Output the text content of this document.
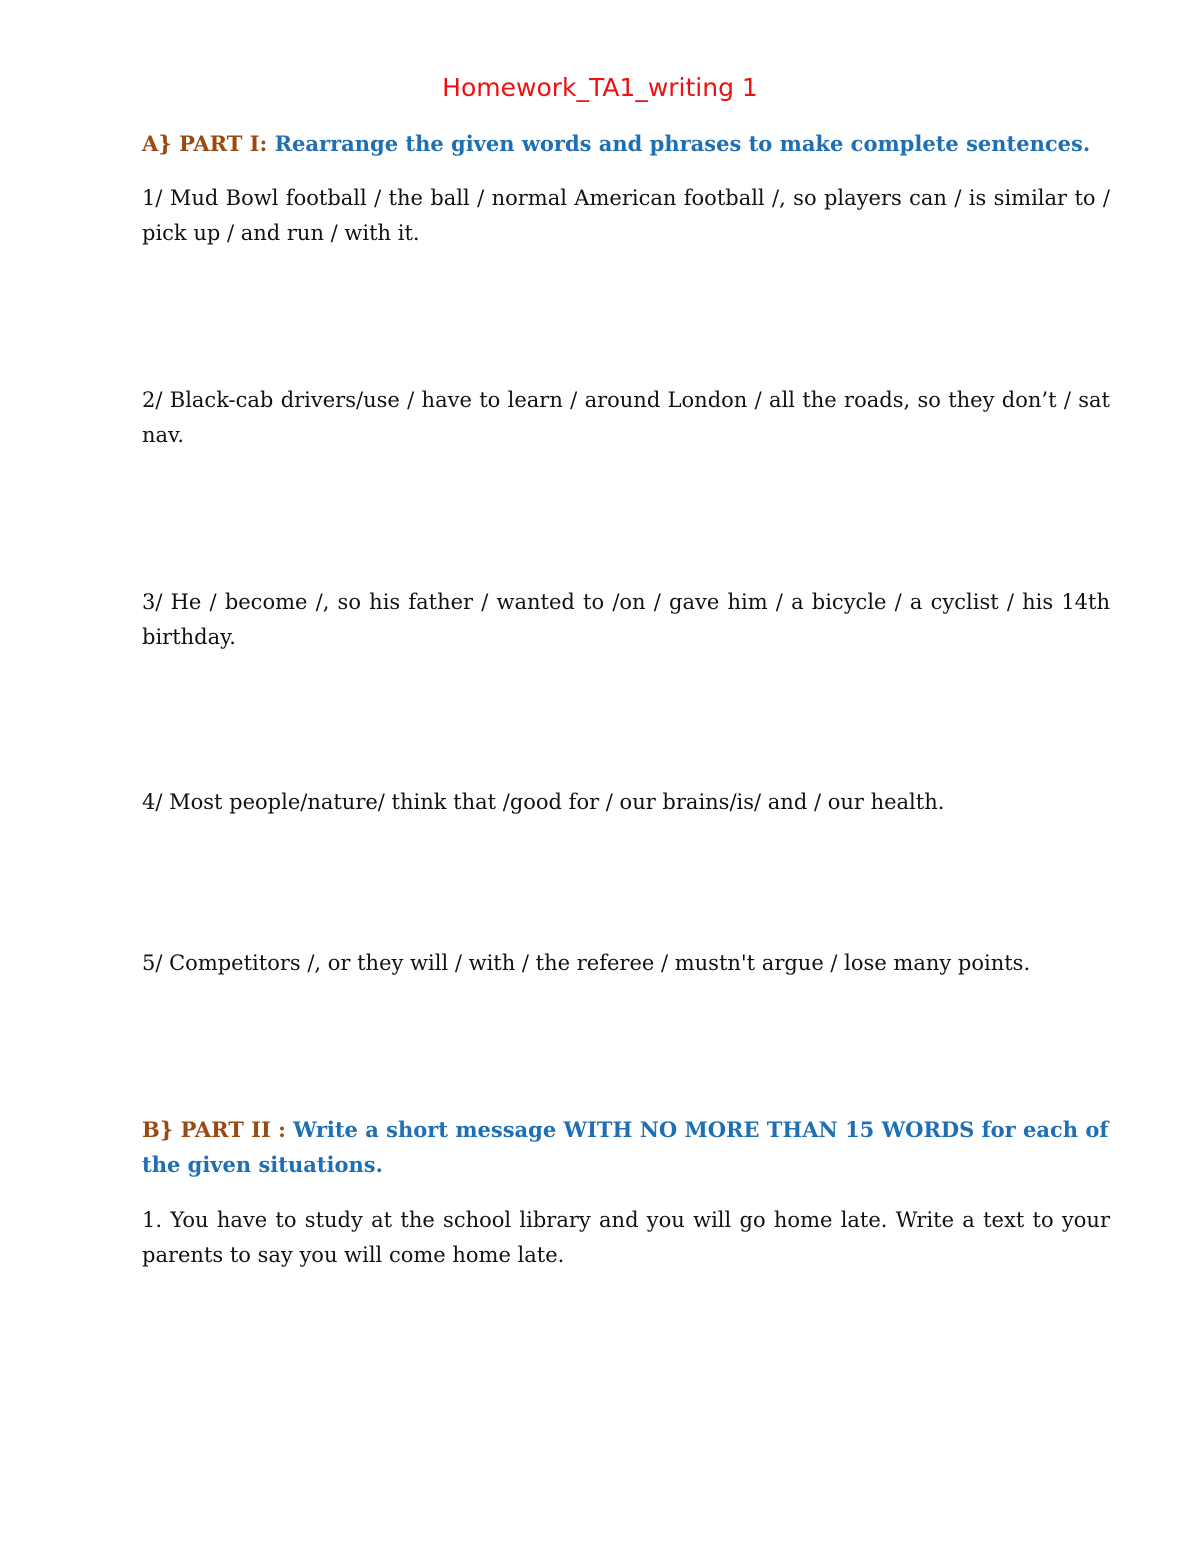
Homework_TA1_writing 1

A} PART I: Rearrange the given words and phrases to make complete sentences.

1/ Mud Bowl football / the ball / normal American football /, so players can / is similar to / pick up / and run / with it.

2/ Black-cab drivers/use / have to learn / around London / all the roads, so they don’t / sat nav.

3/ He / become /, so his father / wanted to /on / gave him / a bicycle / a cyclist / his 14th birthday.

4/ Most people/nature/ think that /good for / our brains/is/ and / our health.

5/ Competitors /, or they will / with / the referee / mustn't argue / lose many points.

B} PART II : Write a short message WITH NO MORE THAN 15 WORDS for each of the given situations.

1. You have to study at the school library and you will go home late. Write a text to your parents to say you will come home late.
